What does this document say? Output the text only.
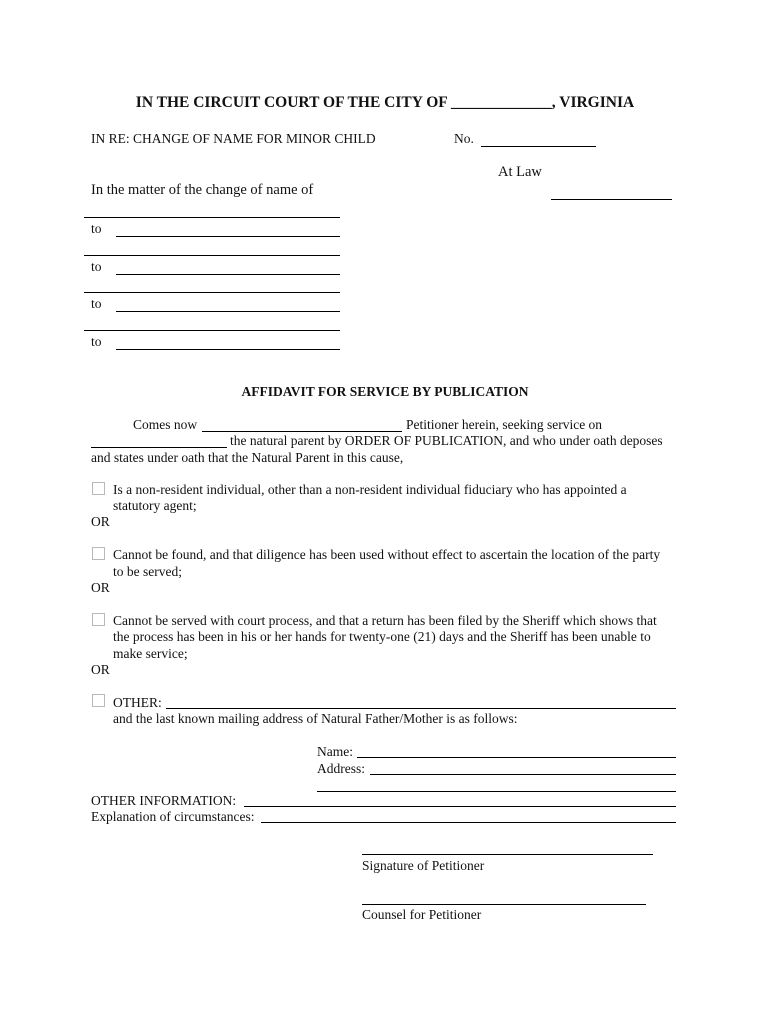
IN THE CIRCUIT COURT OF THE CITY OF _____________, VIRGINIA
IN RE: CHANGE OF NAME FOR MINOR CHILD	No.
At Law
In the matter of the change of name of
to
to
to
to
AFFIDAVIT FOR SERVICE BY PUBLICATION
Comes now	Petitioner herein, seeking service on
the natural parent by ORDER OF PUBLICATION, and who under oath deposes
and states under oath that the Natural Parent in this cause,
Is a non-resident individual, other than a non-resident individual fiduciary who has appointed a
statutory agent;
OR
Cannot be found, and that diligence has been used without effect to ascertain the location of the party
to be served;
OR
Cannot be served with court process, and that a return has been filed by the Sheriff which shows that
the process has been in his or her hands for twenty-one (21) days and the Sheriff has been unable to
make service;
OR
OTHER:
and the last known mailing address of Natural Father/Mother is as follows:
Name:
Address:
OTHER INFORMATION:
Explanation of circumstances:
Signature of Petitioner
Counsel for Petitioner
